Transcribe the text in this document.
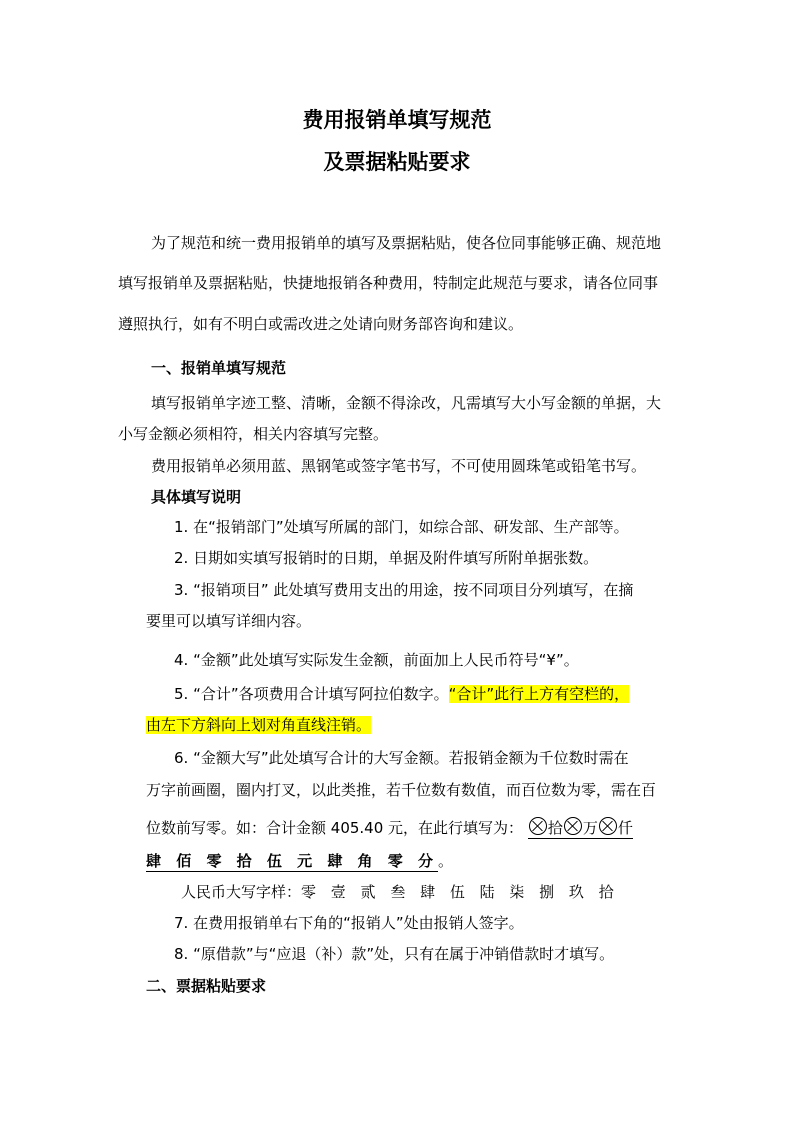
费用报销单填写规范
及票据粘贴要求
为了规范和统一费用报销单的填写及票据粘贴，使各位同事能够正确、规范地
填写报销单及票据粘贴，快捷地报销各种费用，特制定此规范与要求，请各位同事
遵照执行，如有不明白或需改进之处请向财务部咨询和建议。
一、报销单填写规范
填写报销单字迹工整、清晰，金额不得涂改，凡需填写大小写金额的单据，大
小写金额必须相符，相关内容填写完整。
费用报销单必须用蓝、黑钢笔或签字笔书写，不可使用圆珠笔或铅笔书写。
具体填写说明
1. 在“报销部门”处填写所属的部门，如综合部、研发部、生产部等。
2. 日期如实填写报销时的日期，单据及附件填写所附单据张数。
3. “报销项目” 此处填写费用支出的用途，按不同项目分列填写，在摘
要里可以填写详细内容。
4. “金额”此处填写实际发生金额，前面加上人民币符号“¥”。
5. “合计”各项费用合计填写阿拉伯数字。“合计”此行上方有空栏的，
由左下方斜向上划对角直线注销。
6. “金额大写”此处填写合计的大写金额。若报销金额为千位数时需在
万字前画圈，圈内打叉，以此类推，若千位数有数值，而百位数为零，需在百
位数前写零。如：合计金额 405.40 元，在此行填写为： 拾 万 仟
肆 佰 零 拾 伍 元 肆 角 零 分。
人民币大写字样：零 壹 贰 叁 肆 伍 陆 柒 捌 玖 拾
7. 在费用报销单右下角的“报销人”处由报销人签字。
8. “原借款”与“应退（补）款”处，只有在属于冲销借款时才填写。
二、票据粘贴要求
